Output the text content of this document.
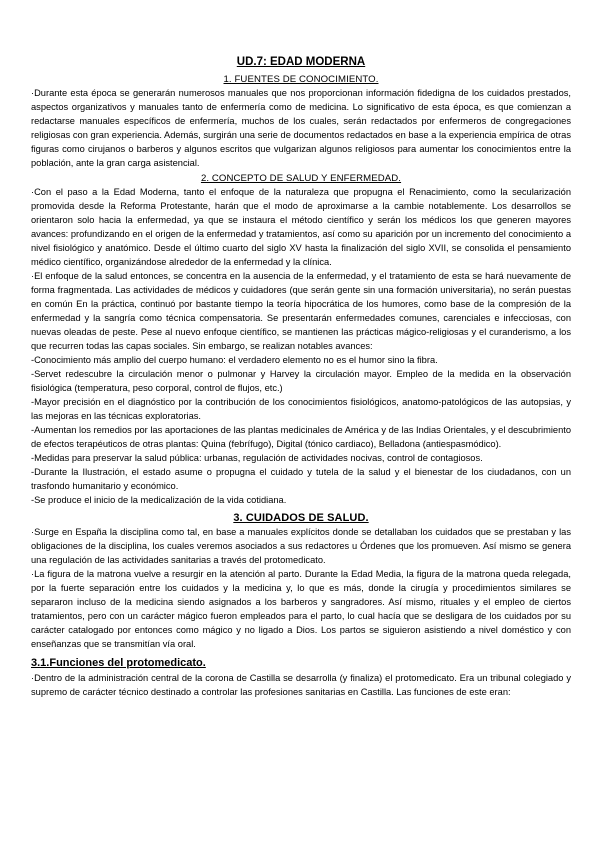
UD.7: EDAD MODERNA
1. FUENTES DE CONOCIMIENTO.

·Durante esta época se generarán numerosos manuales que nos proporcionan información fidedigna de los cuidados prestados, aspectos organizativos y manuales tanto de enfermería como de medicina. Lo significativo de esta época, es que comienzan a redactarse manuales específicos de enfermería, muchos de los cuales, serán redactados por enfermeros de congregaciones religiosas con gran experiencia. Además, surgirán una serie de documentos redactados en base a la experiencia empírica de otras figuras como cirujanos o barberos y algunos escritos que vulgarizan algunos religiosos para aumentar los conocimientos entre la población, ante la gran carga asistencial.

2. CONCEPTO DE SALUD Y ENFERMEDAD.

·Con el paso a la Edad Moderna, tanto el enfoque de la naturaleza que propugna el Renacimiento, como la secularización promovida desde la Reforma Protestante, harán que el modo de aproximarse a la cambie notablemente. Los desarrollos se orientaron solo hacia la enfermedad, ya que se instaura el método científico y serán los médicos los que generen mayores avances: profundizando en el origen de la enfermedad y tratamientos, así como su aparición por un incremento del conocimiento a nivel fisiológico y anatómico. Desde el último cuarto del siglo XV hasta la finalización del siglo XVII, se consolida el pensamiento médico científico, organizándose alrededor de la enfermedad y la clínica.

·El enfoque de la salud entonces, se concentra en la ausencia de la enfermedad, y el tratamiento de esta se hará nuevamente de forma fragmentada. Las actividades de médicos y cuidadores (que serán gente sin una formación universitaria), no serán puestas en común En la práctica, continuó por bastante tiempo la teoría hipocrática de los humores, como base de la compresión de la enfermedad y la sangría como técnica compensatoria. Se presentarán enfermedades comunes, carenciales e infecciosas, con nuevas oleadas de peste. Pese al nuevo enfoque científico, se mantienen las prácticas mágico-religiosas y el curanderismo, a los que recurren todas las capas sociales. Sin embargo, se realizan notables avances:

-Conocimiento más amplio del cuerpo humano: el verdadero elemento no es el humor sino la fibra.

-Servet redescubre la circulación menor o pulmonar y Harvey la circulación mayor. Empleo de la medida en la observación fisiológica (temperatura, peso corporal, control de flujos, etc.)

-Mayor precisión en el diagnóstico por la contribución de los conocimientos fisiológicos, anatomo-patológicos de las autopsias, y las mejoras en las técnicas exploratorias.

-Aumentan los remedios por las aportaciones de las plantas medicinales de América y de las Indias Orientales, y el descubrimiento de efectos terapéuticos de otras plantas: Quina (febrífugo), Digital (tónico cardiaco), Belladona (antiespasmódico).

-Medidas para preservar la salud pública: urbanas, regulación de actividades nocivas, control de contagiosos.

-Durante la Ilustración, el estado asume o propugna el cuidado y tutela de la salud y el bienestar de los ciudadanos, con un trasfondo humanitario y económico.

-Se produce el inicio de la medicalización de la vida cotidiana.

3. CUIDADOS DE SALUD.

·Surge en España la disciplina como tal, en base a manuales explícitos donde se detallaban los cuidados que se prestaban y las obligaciones de la disciplina, los cuales veremos asociados a sus redactores u Órdenes que los promueven. Así mismo se genera una regulación de las actividades sanitarias a través del protomedicato.

·La figura de la matrona vuelve a resurgir en la atención al parto. Durante la Edad Media, la figura de la matrona queda relegada, por la fuerte separación entre los cuidados y la medicina y, lo que es más, donde la cirugía y procedimientos similares se separaron incluso de la medicina siendo asignados a los barberos y sangradores. Así mismo, rituales y el empleo de ciertos tratamientos, pero con un carácter mágico fueron empleados para el parto, lo cual hacía que se desligara de los cuidados por su carácter catalogado por entonces como mágico y no ligado a Dios. Los partos se siguieron asistiendo a nivel doméstico y con enseñanzas que se transmitían vía oral.

3.1.Funciones del protomedicato.

·Dentro de la administración central de la corona de Castilla se desarrolla (y finaliza) el protomedicato. Era un tribunal colegiado y supremo de carácter técnico destinado a controlar las profesiones sanitarias en Castilla. Las funciones de este eran:
